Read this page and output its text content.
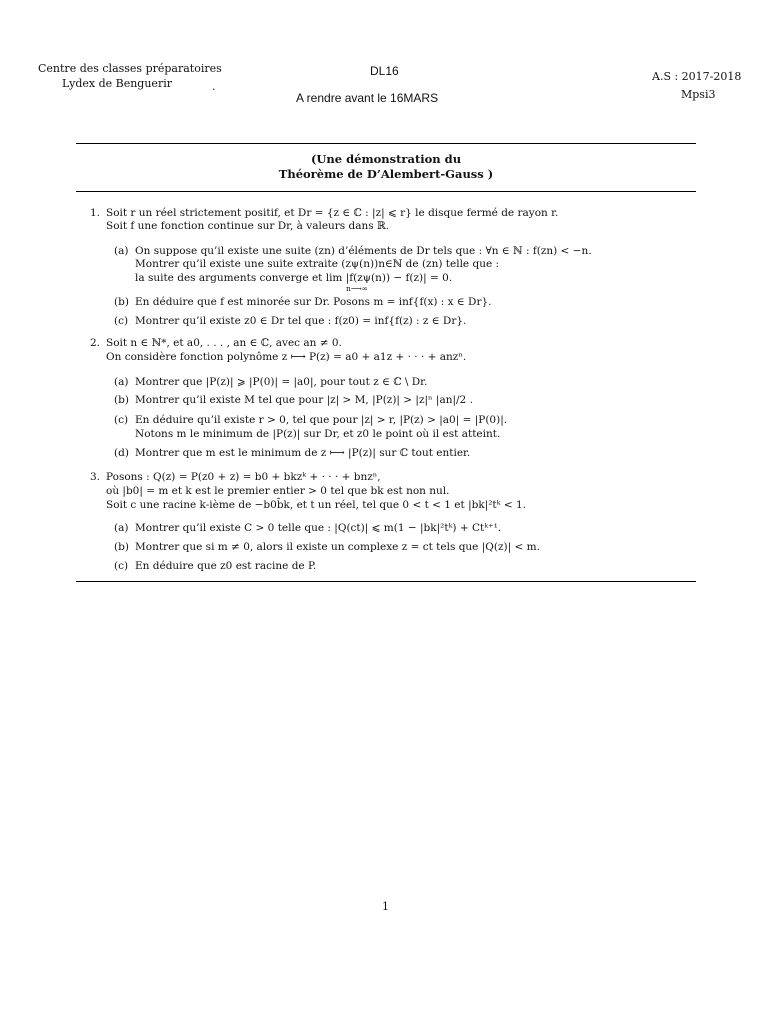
Centre des classes préparatoires
Lydex de Benguerir	.
DL16
A rendre avant le 16MARS
A.S : 2017-2018
Mpsi3
(Une démonstration du
Théorème de D’Alembert-Gauss )
1. Soit r un réel strictement positif, et Dr = {z ∈ ℂ : |z| ⩽ r} le disque fermé de rayon r.
Soit f une fonction continue sur Dr, à valeurs dans ℝ.
(a) On suppose qu’il existe une suite (zn) d’éléments de Dr tels que : ∀n ∈ ℕ : f(zn) < −n.
Montrer qu’il existe une suite extraite (zψ(n))n∈ℕ de (zn) telle que :
la suite des arguments converge et lim |f(zψ(n)) − f(z)| = 0.
n⟶∞
(b) En déduire que f est minorée sur Dr. Posons m = inf{f(x) : x ∈ Dr}.
(c) Montrer qu’il existe z0 ∈ Dr tel que : f(z0) = inf{f(z) : z ∈ Dr}.
2. Soit n ∈ ℕ*, et a0, . . . , an ∈ ℂ, avec an ≠ 0.
On considère fonction polynôme z ⟼ P(z) = a0 + a1z + · · · + anzⁿ.
(a) Montrer que |P(z)| ⩾ |P(0)| = |a0|, pour tout z ∈ ℂ \ Dr.
(b) Montrer qu’il existe M tel que pour |z| > M, |P(z)| > |z|ⁿ |an|/2 .
(c) En déduire qu’il existe r > 0, tel que pour |z| > r, |P(z) > |a0| = |P(0)|.
Notons m le minimum de |P(z)| sur Dr, et z0 le point où il est atteint.
(d) Montrer que m est le minimum de z ⟼ |P(z)| sur ℂ tout entier.
3. Posons : Q(z) = P(z0 + z) = b0 + bkzᵏ + · · · + bnzⁿ,
où |b0| = m et k est le premier entier > 0 tel que bk est non nul.
Soit c une racine k-ième de −b0b̄k, et t un réel, tel que 0 < t < 1 et |bk|²tᵏ < 1.
(a) Montrer qu’il existe C > 0 telle que : |Q(ct)| ⩽ m(1 − |bk|²tᵏ) + Ctᵏ⁺¹.
(b) Montrer que si m ≠ 0, alors il existe un complexe z = ct tels que |Q(z)| < m.
(c) En déduire que z0 est racine de P.
1
